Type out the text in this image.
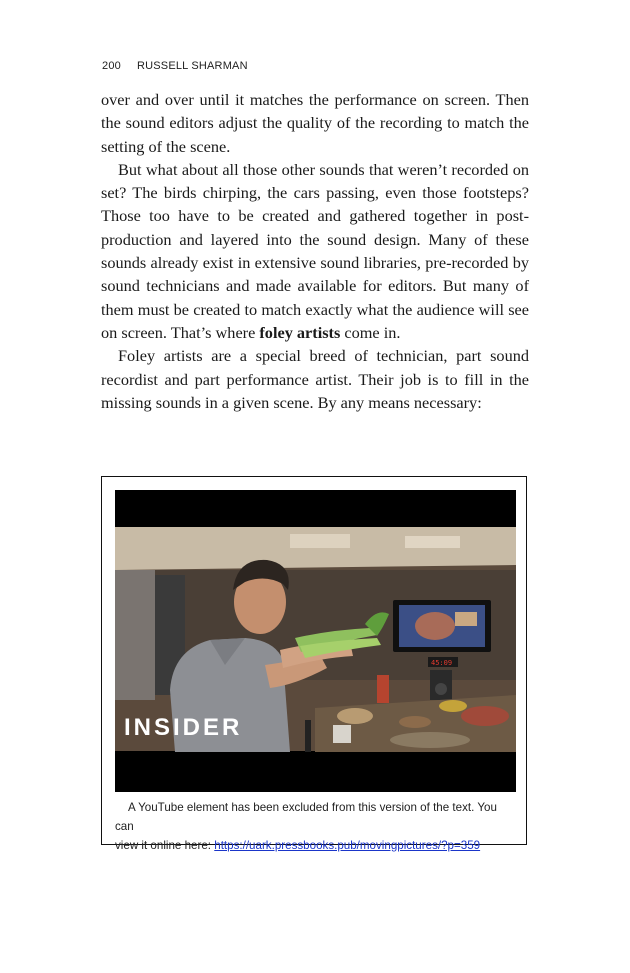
200 RUSSELL SHARMAN

over and over until it matches the performance on screen. Then the sound editors adjust the quality of the recording to match the setting of the scene.

But what about all those other sounds that weren’t recorded on set? The birds chirping, the cars passing, even those footsteps? Those too have to be created and gathered together in post-production and layered into the sound design. Many of these sounds already exist in extensive sound libraries, pre-recorded by sound technicians and made available for editors. But many of them must be created to match exactly what the audience will see on screen. That’s where foley artists come in.

Foley artists are a special breed of technician, part sound recordist and part performance artist. Their job is to fill in the missing sounds in a given scene. By any means necessary:

45:09
INSIDER
A YouTube element has been excluded from this version of the text. You can
view it online here: https://uark.pressbooks.pub/movingpictures/?p=359
